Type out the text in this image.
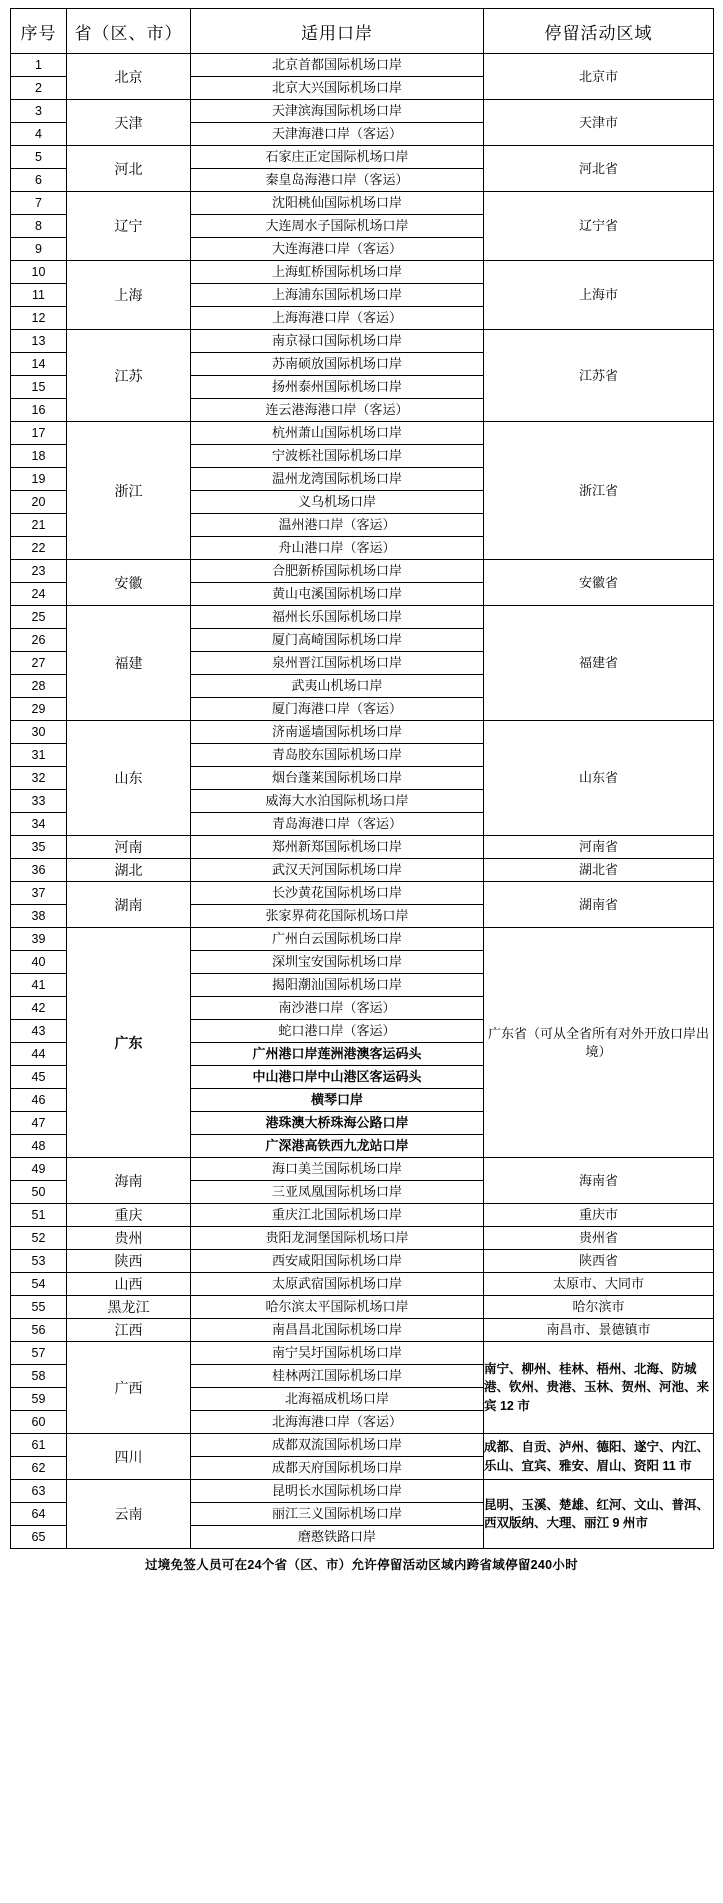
序号	省（区、市）	适用口岸	停留活动区域
1	北京	北京首都国际机场口岸	北京市
2		北京大兴国际机场口岸	
3	天津	天津滨海国际机场口岸	天津市
4		天津海港口岸（客运）	
5	河北	石家庄正定国际机场口岸	河北省
6		秦皇岛海港口岸（客运）	
7	辽宁	沈阳桃仙国际机场口岸	辽宁省
8		大连周水子国际机场口岸	
9		大连海港口岸（客运）	
10	上海	上海虹桥国际机场口岸	上海市
11		上海浦东国际机场口岸	
12		上海海港口岸（客运）	
13	江苏	南京禄口国际机场口岸	江苏省
14		苏南硕放国际机场口岸	
15		扬州泰州国际机场口岸	
16		连云港海港口岸（客运）	
17	浙江	杭州萧山国际机场口岸	浙江省
18		宁波栎社国际机场口岸	
19		温州龙湾国际机场口岸	
20		义乌机场口岸	
21		温州港口岸（客运）	
22		舟山港口岸（客运）	
23	安徽	合肥新桥国际机场口岸	安徽省
24		黄山屯溪国际机场口岸	
25	福建	福州长乐国际机场口岸	福建省
26		厦门高崎国际机场口岸	
27		泉州晋江国际机场口岸	
28		武夷山机场口岸	
29		厦门海港口岸（客运）	
30	山东	济南遥墙国际机场口岸	山东省
31		青岛胶东国际机场口岸	
32		烟台蓬莱国际机场口岸	
33		威海大水泊国际机场口岸	
34		青岛海港口岸（客运）	
35	河南	郑州新郑国际机场口岸	河南省
36	湖北	武汉天河国际机场口岸	湖北省
37	湖南	长沙黄花国际机场口岸	湖南省
38		张家界荷花国际机场口岸	
39	广东	广州白云国际机场口岸	广东省（可从全省所有对外开放口岸出境）
40		深圳宝安国际机场口岸	
41		揭阳潮汕国际机场口岸	
42		南沙港口岸（客运）	
43		蛇口港口岸（客运）	
44		广州港口岸莲洲港澳客运码头	
45		中山港口岸中山港区客运码头	
46		横琴口岸	
47		港珠澳大桥珠海公路口岸	
48		广深港高铁西九龙站口岸	
49	海南	海口美兰国际机场口岸	海南省
50		三亚凤凰国际机场口岸	
51	重庆	重庆江北国际机场口岸	重庆市
52	贵州	贵阳龙洞堡国际机场口岸	贵州省
53	陕西	西安咸阳国际机场口岸	陕西省
54	山西	太原武宿国际机场口岸	太原市、大同市
55	黑龙江	哈尔滨太平国际机场口岸	哈尔滨市
56	江西	南昌昌北国际机场口岸	南昌市、景德镇市
57	广西	南宁吴圩国际机场口岸	南宁、柳州、桂林、梧州、北海、防城港、钦州、贵港、玉林、贺州、河池、来宾 12 市
58		桂林两江国际机场口岸	
59		北海福成机场口岸	
60		北海海港口岸（客运）	
61	四川	成都双流国际机场口岸	成都、自贡、泸州、德阳、遂宁、内江、乐山、宜宾、雅安、眉山、资阳 11 市
62		成都天府国际机场口岸	
63	云南	昆明长水国际机场口岸	昆明、玉溪、楚雄、红河、文山、普洱、西双版纳、大理、丽江 9 州市
64		丽江三义国际机场口岸	
65		磨憨铁路口岸	
过境免签人员可在24个省（区、市）允许停留活动区域内跨省域停留240小时
